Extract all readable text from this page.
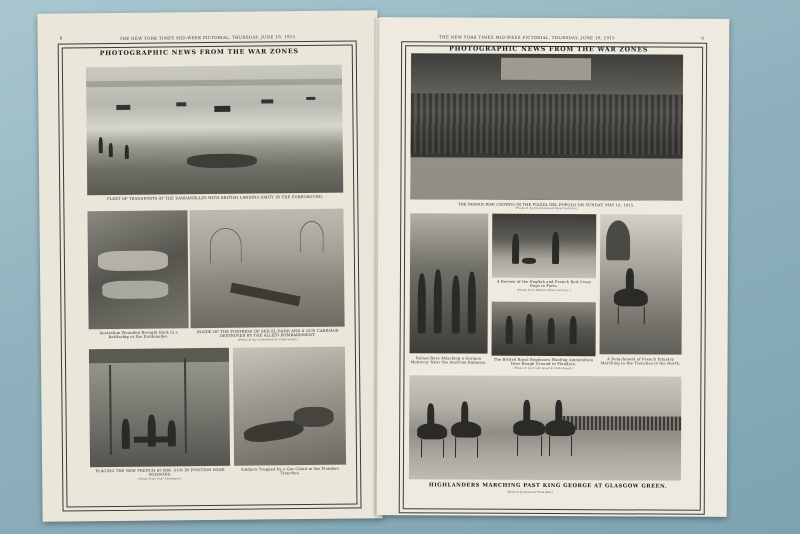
8	THE NEW YORK TIMES MID-WEEK PICTORIAL, THURSDAY, JUNE 10, 1915
PHOTOGRAPHIC NEWS FROM THE WAR ZONES
FLEET OF TRANSPORTS AT THE DARDANELLES WITH BRITISH LANDING PARTY IN THE FOREGROUND.
Australian Wounded Brought Back in a Battleship at the Dardanelles.
INSIDE OF THE FORTRESS OF SED-EL-BAHR AND A GUN CARRIAGE DESTROYED BY THE ALLIED BOMBARDMENT.
(Photo © by Underwood & Underwood.)
PLACING THE NEW FRENCH 65 MM. GUN IN POSITION NEAR SOISSONS.
(Photo from Paul Thompson.)
Soldiers Trapped by a Gas Cloud in the Flanders Trenches.
THE NEW YORK TIMES MID-WEEK PICTORIAL, THURSDAY, JUNE 10, 1915	9
PHOTOGRAPHIC NEWS FROM THE WAR ZONES
THE ROMAN WAR CROWDS IN THE PIAZZA DEL POPOLO ON SUNDAY, MAY 16, 1915.
(Photo © by International News Service.)
Italian Boys Attacking a German Motorcar Near the Austrian Embassy.
A Review of the English and French Red Cross Dogs in Paris.
(Photo from Medem Photo Service.)
A Detachment of French Infantry Marching to the Trenches in the North.
The British Royal Engineers Hauling Ammunition Over Rough Ground in Flanders.
(Photo © by Underwood & Underwood.)
HIGHLANDERS MARCHING PAST KING GEORGE AT GLASGOW GREEN.
(Photo © by American Press Assn.)
